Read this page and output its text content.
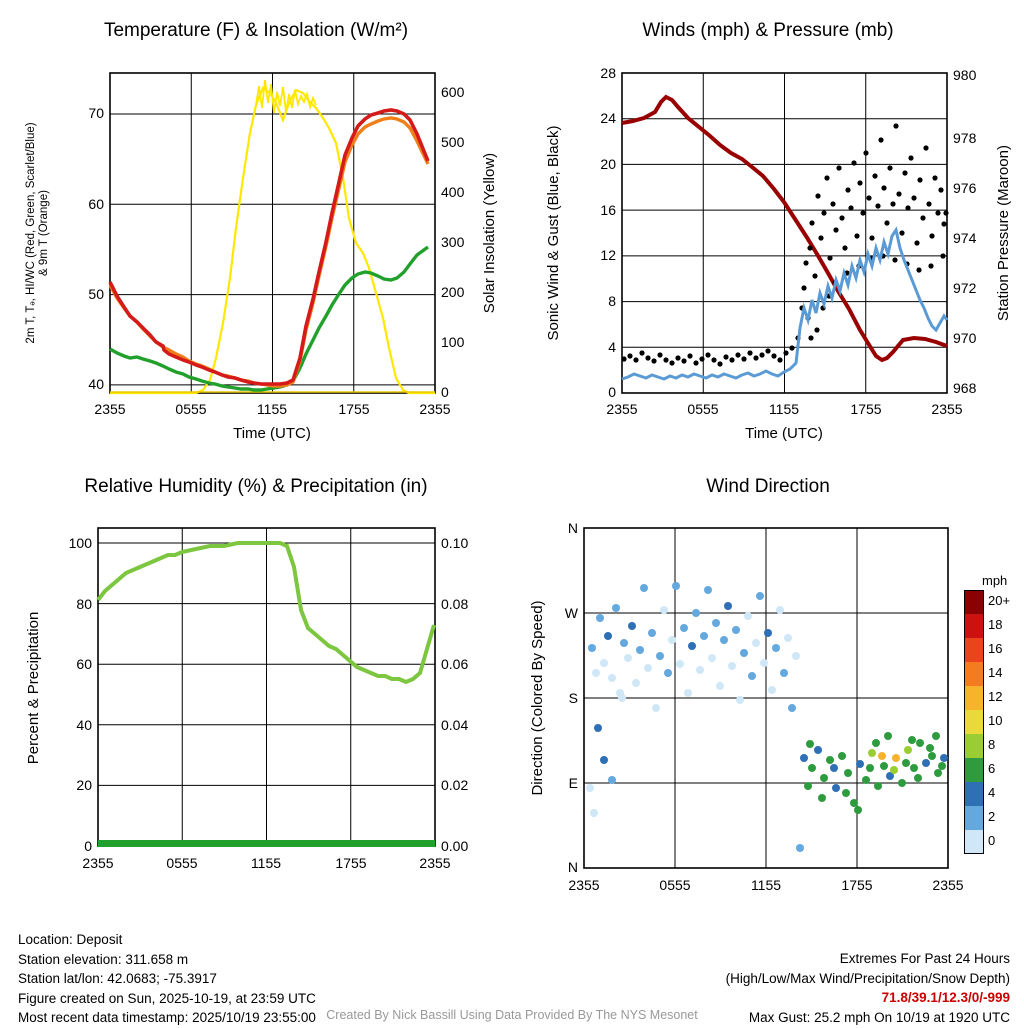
Temperature (F) & Insolation (W/m²)
40
50
60
70
0
100
200
300
400
500
600
2355	0555	1155	1755	2355
Time (UTC)
2m T, Tₔ, HI/WC (Red, Green, Scarlet/Blue) & 9m T (Orange)	Solar Insolation (Yellow)
Winds (mph) & Pressure (mb)
0
4
8
12
16
20
24
28
968
970
972
974
976
978
980
2355	0555	1155	1755	2355
Time (UTC)
Sonic Wind & Gust (Blue, Black)	Station Pressure (Maroon)
Relative Humidity (%) & Precipitation (in)
0
20
40
60
80
100
0.00
0.02
0.04
0.06
0.08
0.10
2355	0555	1155	1755	2355
Percent & Precipitation
Wind Direction
N
W
S
E
N
2355	0555	1155	1755	2355
Direction (Colored By Speed)
mph
20+
18
16
14
12
10
8
6
4
2
0
Location: Deposit
Station elevation: 311.658 m
Station lat/lon: 42.0683; -75.3917
Figure created on Sun, 2025-10-19, at 23:59 UTC
Most recent data timestamp: 2025/10/19 23:55:00
Extremes For Past 24 Hours
(High/Low/Max Wind/Precipitation/Snow Depth)
71.8/39.1/12.3/0/-999
Max Gust: 25.2 mph On 10/19 at 1920 UTC
Created By Nick Bassill Using Data Provided By The NYS Mesonet
